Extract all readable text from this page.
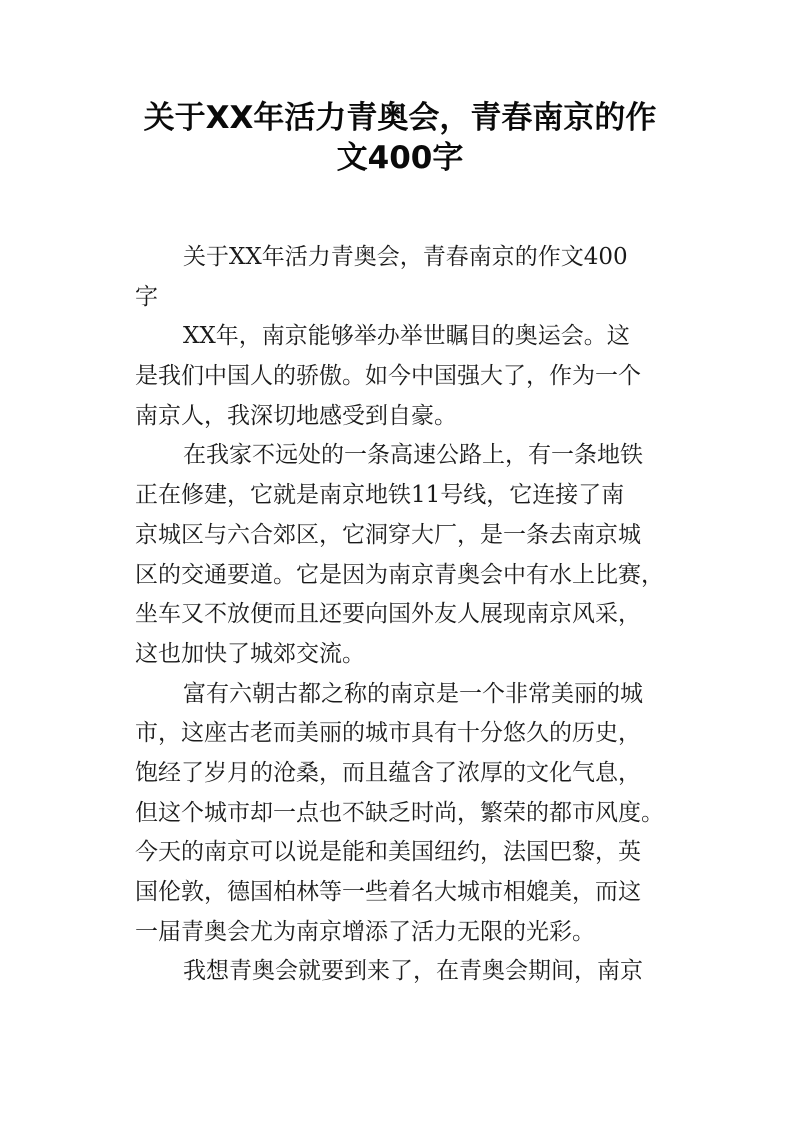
关于XX年活力青奥会，青春南京的作
文400字
关于XX年活力青奥会，青春南京的作文400
字
XX年，南京能够举办举世瞩目的奥运会。这
是我们中国人的骄傲。如今中国强大了，作为一个
南京人，我深切地感受到自豪。
在我家不远处的一条高速公路上，有一条地铁
正在修建，它就是南京地铁11号线，它连接了南
京城区与六合郊区，它洞穿大厂，是一条去南京城
区的交通要道。它是因为南京青奥会中有水上比赛，
坐车又不放便而且还要向国外友人展现南京风采，
这也加快了城郊交流。
富有六朝古都之称的南京是一个非常美丽的城
市，这座古老而美丽的城市具有十分悠久的历史，
饱经了岁月的沧桑，而且蕴含了浓厚的文化气息，
但这个城市却一点也不缺乏时尚，繁荣的都市风度。
今天的南京可以说是能和美国纽约，法国巴黎，英
国伦敦，德国柏林等一些着名大城市相媲美，而这
一届青奥会尤为南京增添了活力无限的光彩。
我想青奥会就要到来了，在青奥会期间，南京
